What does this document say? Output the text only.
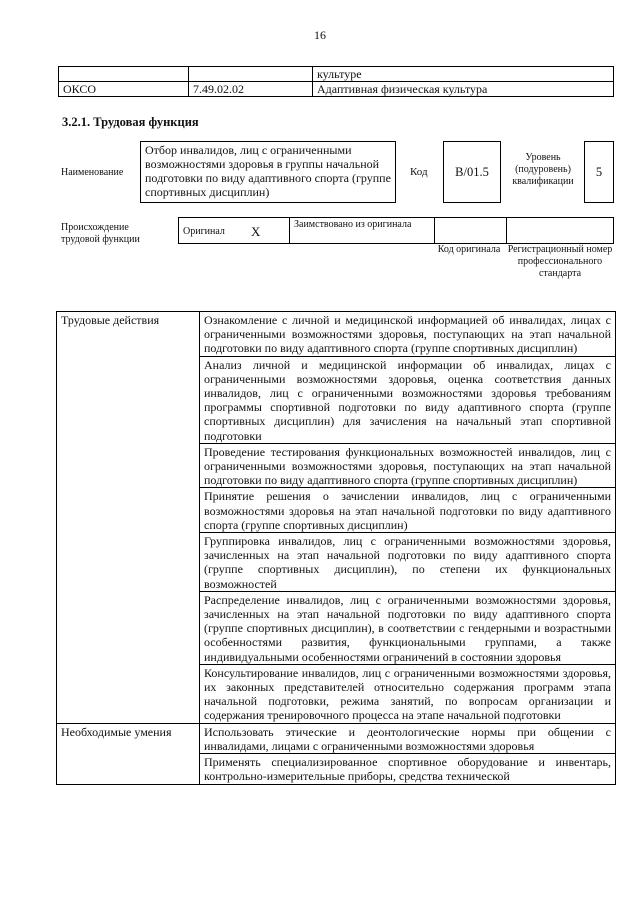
16
		культуре
ОКСО	7.49.02.02	Адаптивная физическая культура
3.2.1. Трудовая функция
Наименование
Отбор инвалидов, лиц с ограниченными возможностями здоровья в группы начальной подготовки по виду адаптивного спорта (группе спортивных дисциплин)
Код	B/01.5
Уровень (подуровень) квалификации
5
Происхождение трудовой функции
Оригинал X	Заимствовано из оригинала
Код оригинала Регистрационный номер профессионального стандарта
Трудовые действия	Ознакомление с личной и медицинской информацией об инвалидах, лицах с ограниченными возможностями здоровья, поступающих на этап начальной подготовки по виду адаптивного спорта (группе спортивных дисциплин)
	Анализ личной и медицинской информации об инвалидах, лицах с ограниченными возможностями здоровья, оценка соответствия данных инвалидов, лиц с ограниченными возможностями здоровья требованиям программы спортивной подготовки по виду адаптивного спорта (группе спортивных дисциплин) для зачисления на начальный этап спортивной подготовки
	Проведение тестирования функциональных возможностей инвалидов, лиц с ограниченными возможностями здоровья, поступающих на этап начальной подготовки по виду адаптивного спорта (группе спортивных дисциплин)
	Принятие решения о зачислении инвалидов, лиц с ограниченными возможностями здоровья на этап начальной подготовки по виду адаптивного спорта (группе спортивных дисциплин)
	Группировка инвалидов, лиц с ограниченными возможностями здоровья, зачисленных на этап начальной подготовки по виду адаптивного спорта (группе спортивных дисциплин), по степени их функциональных возможностей
	Распределение инвалидов, лиц с ограниченными возможностями здоровья, зачисленных на этап начальной подготовки по виду адаптивного спорта (группе спортивных дисциплин), в соответствии с гендерными и возрастными особенностями развития, функциональными группами, а также индивидуальными особенностями ограничений в состоянии здоровья
	Консультирование инвалидов, лиц с ограниченными возможностями здоровья, их законных представителей относительно содержания программ этапа начальной подготовки, режима занятий, по вопросам организации и содержания тренировочного процесса на этапе начальной подготовки
Необходимые умения	Использовать этические и деонтологические нормы при общении с инвалидами, лицами с ограниченными возможностями здоровья
	Применять специализированное спортивное оборудование и инвентарь, контрольно-измерительные приборы, средства технической
